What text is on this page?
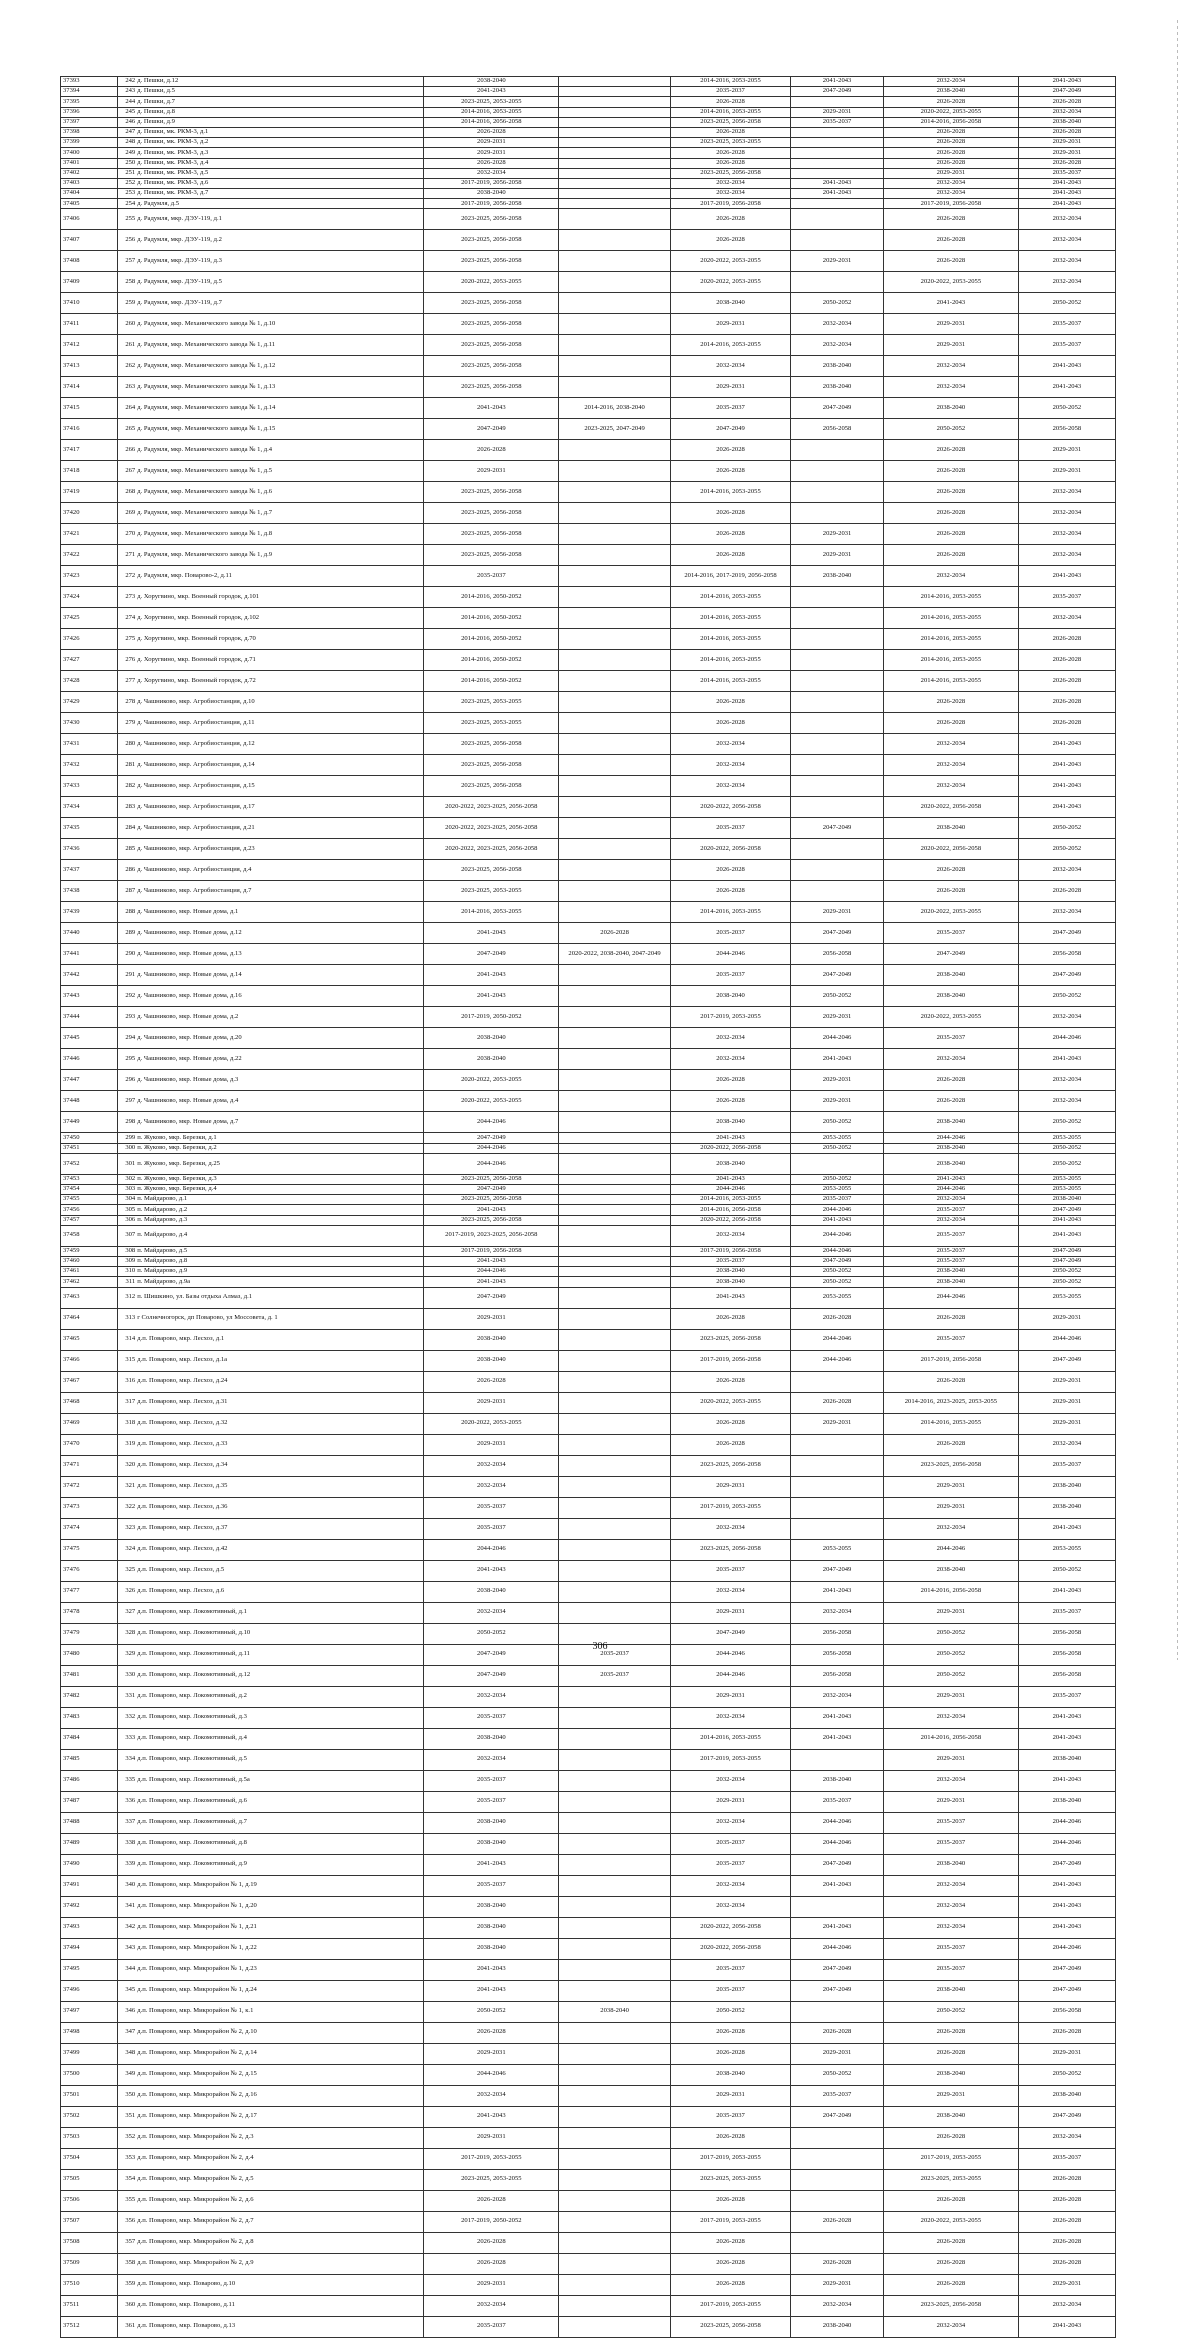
37393	242	д. Пешки, д.12	2038-2040		2014-2016, 2053-2055	2041-2043	2032-2034	2041-2043
37394	243	д. Пешки, д.5	2041-2043		2035-2037	2047-2049	2038-2040	2047-2049
37395	244	д. Пешки, д.7	2023-2025, 2053-2055		2026-2028		2026-2028	2026-2028
37396	245	д. Пешки, д.8	2014-2016, 2053-2055		2014-2016, 2053-2055	2029-2031	2020-2022, 2053-2055	2032-2034
37397	246	д. Пешки, д.9	2014-2016, 2056-2058		2023-2025, 2056-2058	2035-2037	2014-2016, 2056-2058	2038-2040
37398	247	д. Пешки, мк. РКМ-3, д.1	2026-2028		2026-2028		2026-2028	2026-2028
37399	248	д. Пешки, мк. РКМ-3, д.2	2029-2031		2023-2025, 2053-2055		2026-2028	2029-2031
37400	249	д. Пешки, мк. РКМ-3, д.3	2029-2031		2026-2028		2026-2028	2029-2031
37401	250	д. Пешки, мк. РКМ-3, д.4	2026-2028		2026-2028		2026-2028	2026-2028
37402	251	д. Пешки, мк. РКМ-3, д.5	2032-2034		2023-2025, 2056-2058		2029-2031	2035-2037
37403	252	д. Пешки, мк. РКМ-3, д.6	2017-2019, 2056-2058		2032-2034	2041-2043	2032-2034	2041-2043
37404	253	д. Пешки, мк. РКМ-3, д.7	2038-2040		2032-2034	2041-2043	2032-2034	2041-2043
37405	254	д. Радумля, д.5	2017-2019, 2056-2058		2017-2019, 2056-2058		2017-2019, 2056-2058	2041-2043
37406	255	д. Радумля, мкр. ДЭУ-119, д.1	2023-2025, 2056-2058		2026-2028		2026-2028	2032-2034
37407	256	д. Радумля, мкр. ДЭУ-119, д.2	2023-2025, 2056-2058		2026-2028		2026-2028	2032-2034
37408	257	д. Радумля, мкр. ДЭУ-119, д.3	2023-2025, 2056-2058		2020-2022, 2053-2055	2029-2031	2026-2028	2032-2034
37409	258	д. Радумля, мкр. ДЭУ-119, д.5	2020-2022, 2053-2055		2020-2022, 2053-2055		2020-2022, 2053-2055	2032-2034
37410	259	д. Радумля, мкр. ДЭУ-119, д.7	2023-2025, 2056-2058		2038-2040	2050-2052	2041-2043	2050-2052
37411	260	д. Радумля, мкр. Механического завода № 1, д.10	2023-2025, 2056-2058		2029-2031	2032-2034	2029-2031	2035-2037
37412	261	д. Радумля, мкр. Механического завода № 1, д.11	2023-2025, 2056-2058		2014-2016, 2053-2055	2032-2034	2029-2031	2035-2037
37413	262	д. Радумля, мкр. Механического завода № 1, д.12	2023-2025, 2056-2058		2032-2034	2038-2040	2032-2034	2041-2043
37414	263	д. Радумля, мкр. Механического завода № 1, д.13	2023-2025, 2056-2058		2029-2031	2038-2040	2032-2034	2041-2043
37415	264	д. Радумля, мкр. Механического завода № 1, д.14	2041-2043	2014-2016, 2038-2040	2035-2037	2047-2049	2038-2040	2050-2052
37416	265	д. Радумля, мкр. Механического завода № 1, д.15	2047-2049	2023-2025, 2047-2049	2047-2049	2056-2058	2050-2052	2056-2058
37417	266	д. Радумля, мкр. Механического завода № 1, д.4	2026-2028		2026-2028		2026-2028	2029-2031
37418	267	д. Радумля, мкр. Механического завода № 1, д.5	2029-2031		2026-2028		2026-2028	2029-2031
37419	268	д. Радумля, мкр. Механического завода № 1, д.6	2023-2025, 2056-2058		2014-2016, 2053-2055		2026-2028	2032-2034
37420	269	д. Радумля, мкр. Механического завода № 1, д.7	2023-2025, 2056-2058		2026-2028		2026-2028	2032-2034
37421	270	д. Радумля, мкр. Механического завода № 1, д.8	2023-2025, 2056-2058		2026-2028	2029-2031	2026-2028	2032-2034
37422	271	д. Радумля, мкр. Механического завода № 1, д.9	2023-2025, 2056-2058		2026-2028	2029-2031	2026-2028	2032-2034
37423	272	д. Радумля, мкр. Поварово-2, д.11	2035-2037		2014-2016, 2017-2019, 2056-2058	2038-2040	2032-2034	2041-2043
37424	273	д. Хоругвино, мкр. Военный городок, д.101	2014-2016, 2050-2052		2014-2016, 2053-2055		2014-2016, 2053-2055	2035-2037
37425	274	д. Хоругвино, мкр. Военный городок, д.102	2014-2016, 2050-2052		2014-2016, 2053-2055		2014-2016, 2053-2055	2032-2034
37426	275	д. Хоругвино, мкр. Военный городок, д.70	2014-2016, 2050-2052		2014-2016, 2053-2055		2014-2016, 2053-2055	2026-2028
37427	276	д. Хоругвино, мкр. Военный городок, д.71	2014-2016, 2050-2052		2014-2016, 2053-2055		2014-2016, 2053-2055	2026-2028
37428	277	д. Хоругвино, мкр. Военный городок, д.72	2014-2016, 2050-2052		2014-2016, 2053-2055		2014-2016, 2053-2055	2026-2028
37429	278	д. Чашниково, мкр. Агробиостанция, д.10	2023-2025, 2053-2055		2026-2028		2026-2028	2026-2028
37430	279	д. Чашниково, мкр. Агробиостанция, д.11	2023-2025, 2053-2055		2026-2028		2026-2028	2026-2028
37431	280	д. Чашниково, мкр. Агробиостанция, д.12	2023-2025, 2056-2058		2032-2034		2032-2034	2041-2043
37432	281	д. Чашниково, мкр. Агробиостанция, д.14	2023-2025, 2056-2058		2032-2034		2032-2034	2041-2043
37433	282	д. Чашниково, мкр. Агробиостанция, д.15	2023-2025, 2056-2058		2032-2034		2032-2034	2041-2043
37434	283	д. Чашниково, мкр. Агробиостанция, д.17	2020-2022, 2023-2025, 2056-2058		2020-2022, 2056-2058		2020-2022, 2056-2058	2041-2043
37435	284	д. Чашниково, мкр. Агробиостанция, д.21	2020-2022, 2023-2025, 2056-2058		2035-2037	2047-2049	2038-2040	2050-2052
37436	285	д. Чашниково, мкр. Агробиостанция, д.23	2020-2022, 2023-2025, 2056-2058		2020-2022, 2056-2058		2020-2022, 2056-2058	2050-2052
37437	286	д. Чашниково, мкр. Агробиостанция, д.4	2023-2025, 2056-2058		2026-2028		2026-2028	2032-2034
37438	287	д. Чашниково, мкр. Агробиостанция, д.7	2023-2025, 2053-2055		2026-2028		2026-2028	2026-2028
37439	288	д. Чашниково, мкр. Новые дома, д.1	2014-2016, 2053-2055		2014-2016, 2053-2055	2029-2031	2020-2022, 2053-2055	2032-2034
37440	289	д. Чашниково, мкр. Новые дома, д.12	2041-2043	2026-2028	2035-2037	2047-2049	2035-2037	2047-2049
37441	290	д. Чашниково, мкр. Новые дома, д.13	2047-2049	2020-2022, 2038-2040, 2047-2049	2044-2046	2056-2058	2047-2049	2056-2058
37442	291	д. Чашниково, мкр. Новые дома, д.14	2041-2043		2035-2037	2047-2049	2038-2040	2047-2049
37443	292	д. Чашниково, мкр. Новые дома, д.16	2041-2043		2038-2040	2050-2052	2038-2040	2050-2052
37444	293	д. Чашниково, мкр. Новые дома, д.2	2017-2019, 2050-2052		2017-2019, 2053-2055	2029-2031	2020-2022, 2053-2055	2032-2034
37445	294	д. Чашниково, мкр. Новые дома, д.20	2038-2040		2032-2034	2044-2046	2035-2037	2044-2046
37446	295	д. Чашниково, мкр. Новые дома, д.22	2038-2040		2032-2034	2041-2043	2032-2034	2041-2043
37447	296	д. Чашниково, мкр. Новые дома, д.3	2020-2022, 2053-2055		2026-2028	2029-2031	2026-2028	2032-2034
37448	297	д. Чашниково, мкр. Новые дома, д.4	2020-2022, 2053-2055		2026-2028	2029-2031	2026-2028	2032-2034
37449	298	д. Чашниково, мкр. Новые дома, д.7	2044-2046		2038-2040	2050-2052	2038-2040	2050-2052
37450	299	п. Жуково, мкр. Березки, д.1	2047-2049		2041-2043	2053-2055	2044-2046	2053-2055
37451	300	п. Жуково, мкр. Березки, д.2	2044-2046		2020-2022, 2056-2058	2050-2052	2038-2040	2050-2052
37452	301	п. Жуково, мкр. Березки, д.25	2044-2046		2038-2040		2038-2040	2050-2052
37453	302	п. Жуково, мкр. Березки, д.3	2023-2025, 2056-2058		2041-2043	2050-2052	2041-2043	2053-2055
37454	303	п. Жуково, мкр. Березки, д.4	2047-2049		2044-2046	2053-2055	2044-2046	2053-2055
37455	304	п. Майдарово, д.1	2023-2025, 2056-2058		2014-2016, 2053-2055	2035-2037	2032-2034	2038-2040
37456	305	п. Майдарово, д.2	2041-2043		2014-2016, 2056-2058	2044-2046	2035-2037	2047-2049
37457	306	п. Майдарово, д.3	2023-2025, 2056-2058		2020-2022, 2056-2058	2041-2043	2032-2034	2041-2043
37458	307	п. Майдарово, д.4	2017-2019, 2023-2025, 2056-2058		2032-2034	2044-2046	2035-2037	2041-2043
37459	308	п. Майдарово, д.5	2017-2019, 2056-2058		2017-2019, 2056-2058	2044-2046	2035-2037	2047-2049
37460	309	п. Майдарово, д.8	2041-2043		2035-2037	2047-2049	2035-2037	2047-2049
37461	310	п. Майдарово, д.9	2044-2046		2038-2040	2050-2052	2038-2040	2050-2052
37462	311	п. Майдарово, д.9а	2041-2043		2038-2040	2050-2052	2038-2040	2050-2052
37463	312	п. Шишкино, ул. Базы отдыха Алмаз, д.1	2047-2049		2041-2043	2053-2055	2044-2046	2053-2055
37464	313	г Солнечногорск, дп Поварово, ул Моссовета, д. 1	2029-2031		2026-2028	2026-2028	2026-2028	2029-2031
37465	314	д.п. Поварово, мкр. Лесхоз, д.1	2038-2040		2023-2025, 2056-2058	2044-2046	2035-2037	2044-2046
37466	315	д.п. Поварово, мкр. Лесхоз, д.1а	2038-2040		2017-2019, 2056-2058	2044-2046	2017-2019, 2056-2058	2047-2049
37467	316	д.п. Поварово, мкр. Лесхоз, д.24	2026-2028		2026-2028		2026-2028	2029-2031
37468	317	д.п. Поварово, мкр. Лесхоз, д.31	2029-2031		2020-2022, 2053-2055	2026-2028	2014-2016, 2023-2025, 2053-2055	2029-2031
37469	318	д.п. Поварово, мкр. Лесхоз, д.32	2020-2022, 2053-2055		2026-2028	2029-2031	2014-2016, 2053-2055	2029-2031
37470	319	д.п. Поварово, мкр. Лесхоз, д.33	2029-2031		2026-2028		2026-2028	2032-2034
37471	320	д.п. Поварово, мкр. Лесхоз, д.34	2032-2034		2023-2025, 2056-2058		2023-2025, 2056-2058	2035-2037
37472	321	д.п. Поварово, мкр. Лесхоз, д.35	2032-2034		2029-2031		2029-2031	2038-2040
37473	322	д.п. Поварово, мкр. Лесхоз, д.36	2035-2037		2017-2019, 2053-2055		2029-2031	2038-2040
37474	323	д.п. Поварово, мкр. Лесхоз, д.37	2035-2037		2032-2034		2032-2034	2041-2043
37475	324	д.п. Поварово, мкр. Лесхоз, д.42	2044-2046		2023-2025, 2056-2058	2053-2055	2044-2046	2053-2055
37476	325	д.п. Поварово, мкр. Лесхоз, д.5	2041-2043		2035-2037	2047-2049	2038-2040	2050-2052
37477	326	д.п. Поварово, мкр. Лесхоз, д.6	2038-2040		2032-2034	2041-2043	2014-2016, 2056-2058	2041-2043
37478	327	д.п. Поварово, мкр. Локомотивный, д.1	2032-2034		2029-2031	2032-2034	2029-2031	2035-2037
37479	328	д.п. Поварово, мкр. Локомотивный, д.10	2050-2052		2047-2049	2056-2058	2050-2052	2056-2058
37480	329	д.п. Поварово, мкр. Локомотивный, д.11	2047-2049	2035-2037	2044-2046	2056-2058	2050-2052	2056-2058
37481	330	д.п. Поварово, мкр. Локомотивный, д.12	2047-2049	2035-2037	2044-2046	2056-2058	2050-2052	2056-2058
37482	331	д.п. Поварово, мкр. Локомотивный, д.2	2032-2034		2029-2031	2032-2034	2029-2031	2035-2037
37483	332	д.п. Поварово, мкр. Локомотивный, д.3	2035-2037		2032-2034	2041-2043	2032-2034	2041-2043
37484	333	д.п. Поварово, мкр. Локомотивный, д.4	2038-2040		2014-2016, 2053-2055	2041-2043	2014-2016, 2056-2058	2041-2043
37485	334	д.п. Поварово, мкр. Локомотивный, д.5	2032-2034		2017-2019, 2053-2055		2029-2031	2038-2040
37486	335	д.п. Поварово, мкр. Локомотивный, д.5а	2035-2037		2032-2034	2038-2040	2032-2034	2041-2043
37487	336	д.п. Поварово, мкр. Локомотивный, д.6	2035-2037		2029-2031	2035-2037	2029-2031	2038-2040
37488	337	д.п. Поварово, мкр. Локомотивный, д.7	2038-2040		2032-2034	2044-2046	2035-2037	2044-2046
37489	338	д.п. Поварово, мкр. Локомотивный, д.8	2038-2040		2035-2037	2044-2046	2035-2037	2044-2046
37490	339	д.п. Поварово, мкр. Локомотивный, д.9	2041-2043		2035-2037	2047-2049	2038-2040	2047-2049
37491	340	д.п. Поварово, мкр. Микрорайон № 1, д.19	2035-2037		2032-2034	2041-2043	2032-2034	2041-2043
37492	341	д.п. Поварово, мкр. Микрорайон № 1, д.20	2038-2040		2032-2034		2032-2034	2041-2043
37493	342	д.п. Поварово, мкр. Микрорайон № 1, д.21	2038-2040		2020-2022, 2056-2058	2041-2043	2032-2034	2041-2043
37494	343	д.п. Поварово, мкр. Микрорайон № 1, д.22	2038-2040		2020-2022, 2056-2058	2044-2046	2035-2037	2044-2046
37495	344	д.п. Поварово, мкр. Микрорайон № 1, д.23	2041-2043		2035-2037	2047-2049	2035-2037	2047-2049
37496	345	д.п. Поварово, мкр. Микрорайон № 1, д.24	2041-2043		2035-2037	2047-2049	2038-2040	2047-2049
37497	346	д.п. Поварово, мкр. Микрорайон № 1, к.1	2050-2052	2038-2040	2050-2052		2050-2052	2056-2058
37498	347	д.п. Поварово, мкр. Микрорайон № 2, д.10	2026-2028		2026-2028	2026-2028	2026-2028	2026-2028
37499	348	д.п. Поварово, мкр. Микрорайон № 2, д.14	2029-2031		2026-2028	2029-2031	2026-2028	2029-2031
37500	349	д.п. Поварово, мкр. Микрорайон № 2, д.15	2044-2046		2038-2040	2050-2052	2038-2040	2050-2052
37501	350	д.п. Поварово, мкр. Микрорайон № 2, д.16	2032-2034		2029-2031	2035-2037	2029-2031	2038-2040
37502	351	д.п. Поварово, мкр. Микрорайон № 2, д.17	2041-2043		2035-2037	2047-2049	2038-2040	2047-2049
37503	352	д.п. Поварово, мкр. Микрорайон № 2, д.3	2029-2031		2026-2028		2026-2028	2032-2034
37504	353	д.п. Поварово, мкр. Микрорайон № 2, д.4	2017-2019, 2053-2055		2017-2019, 2053-2055		2017-2019, 2053-2055	2035-2037
37505	354	д.п. Поварово, мкр. Микрорайон № 2, д.5	2023-2025, 2053-2055		2023-2025, 2053-2055		2023-2025, 2053-2055	2026-2028
37506	355	д.п. Поварово, мкр. Микрорайон № 2, д.6	2026-2028		2026-2028		2026-2028	2026-2028
37507	356	д.п. Поварово, мкр. Микрорайон № 2, д.7	2017-2019, 2050-2052		2017-2019, 2053-2055	2026-2028	2020-2022, 2053-2055	2026-2028
37508	357	д.п. Поварово, мкр. Микрорайон № 2, д.8	2026-2028		2026-2028		2026-2028	2026-2028
37509	358	д.п. Поварово, мкр. Микрорайон № 2, д.9	2026-2028		2026-2028	2026-2028	2026-2028	2026-2028
37510	359	д.п. Поварово, мкр. Поварово, д.10	2029-2031		2026-2028	2029-2031	2026-2028	2029-2031
37511	360	д.п. Поварово, мкр. Поварово, д.11	2032-2034		2017-2019, 2053-2055	2032-2034	2023-2025, 2056-2058	2032-2034
37512	361	д.п. Поварово, мкр. Поварово, д.13	2035-2037		2023-2025, 2056-2058	2038-2040	2032-2034	2041-2043
306
